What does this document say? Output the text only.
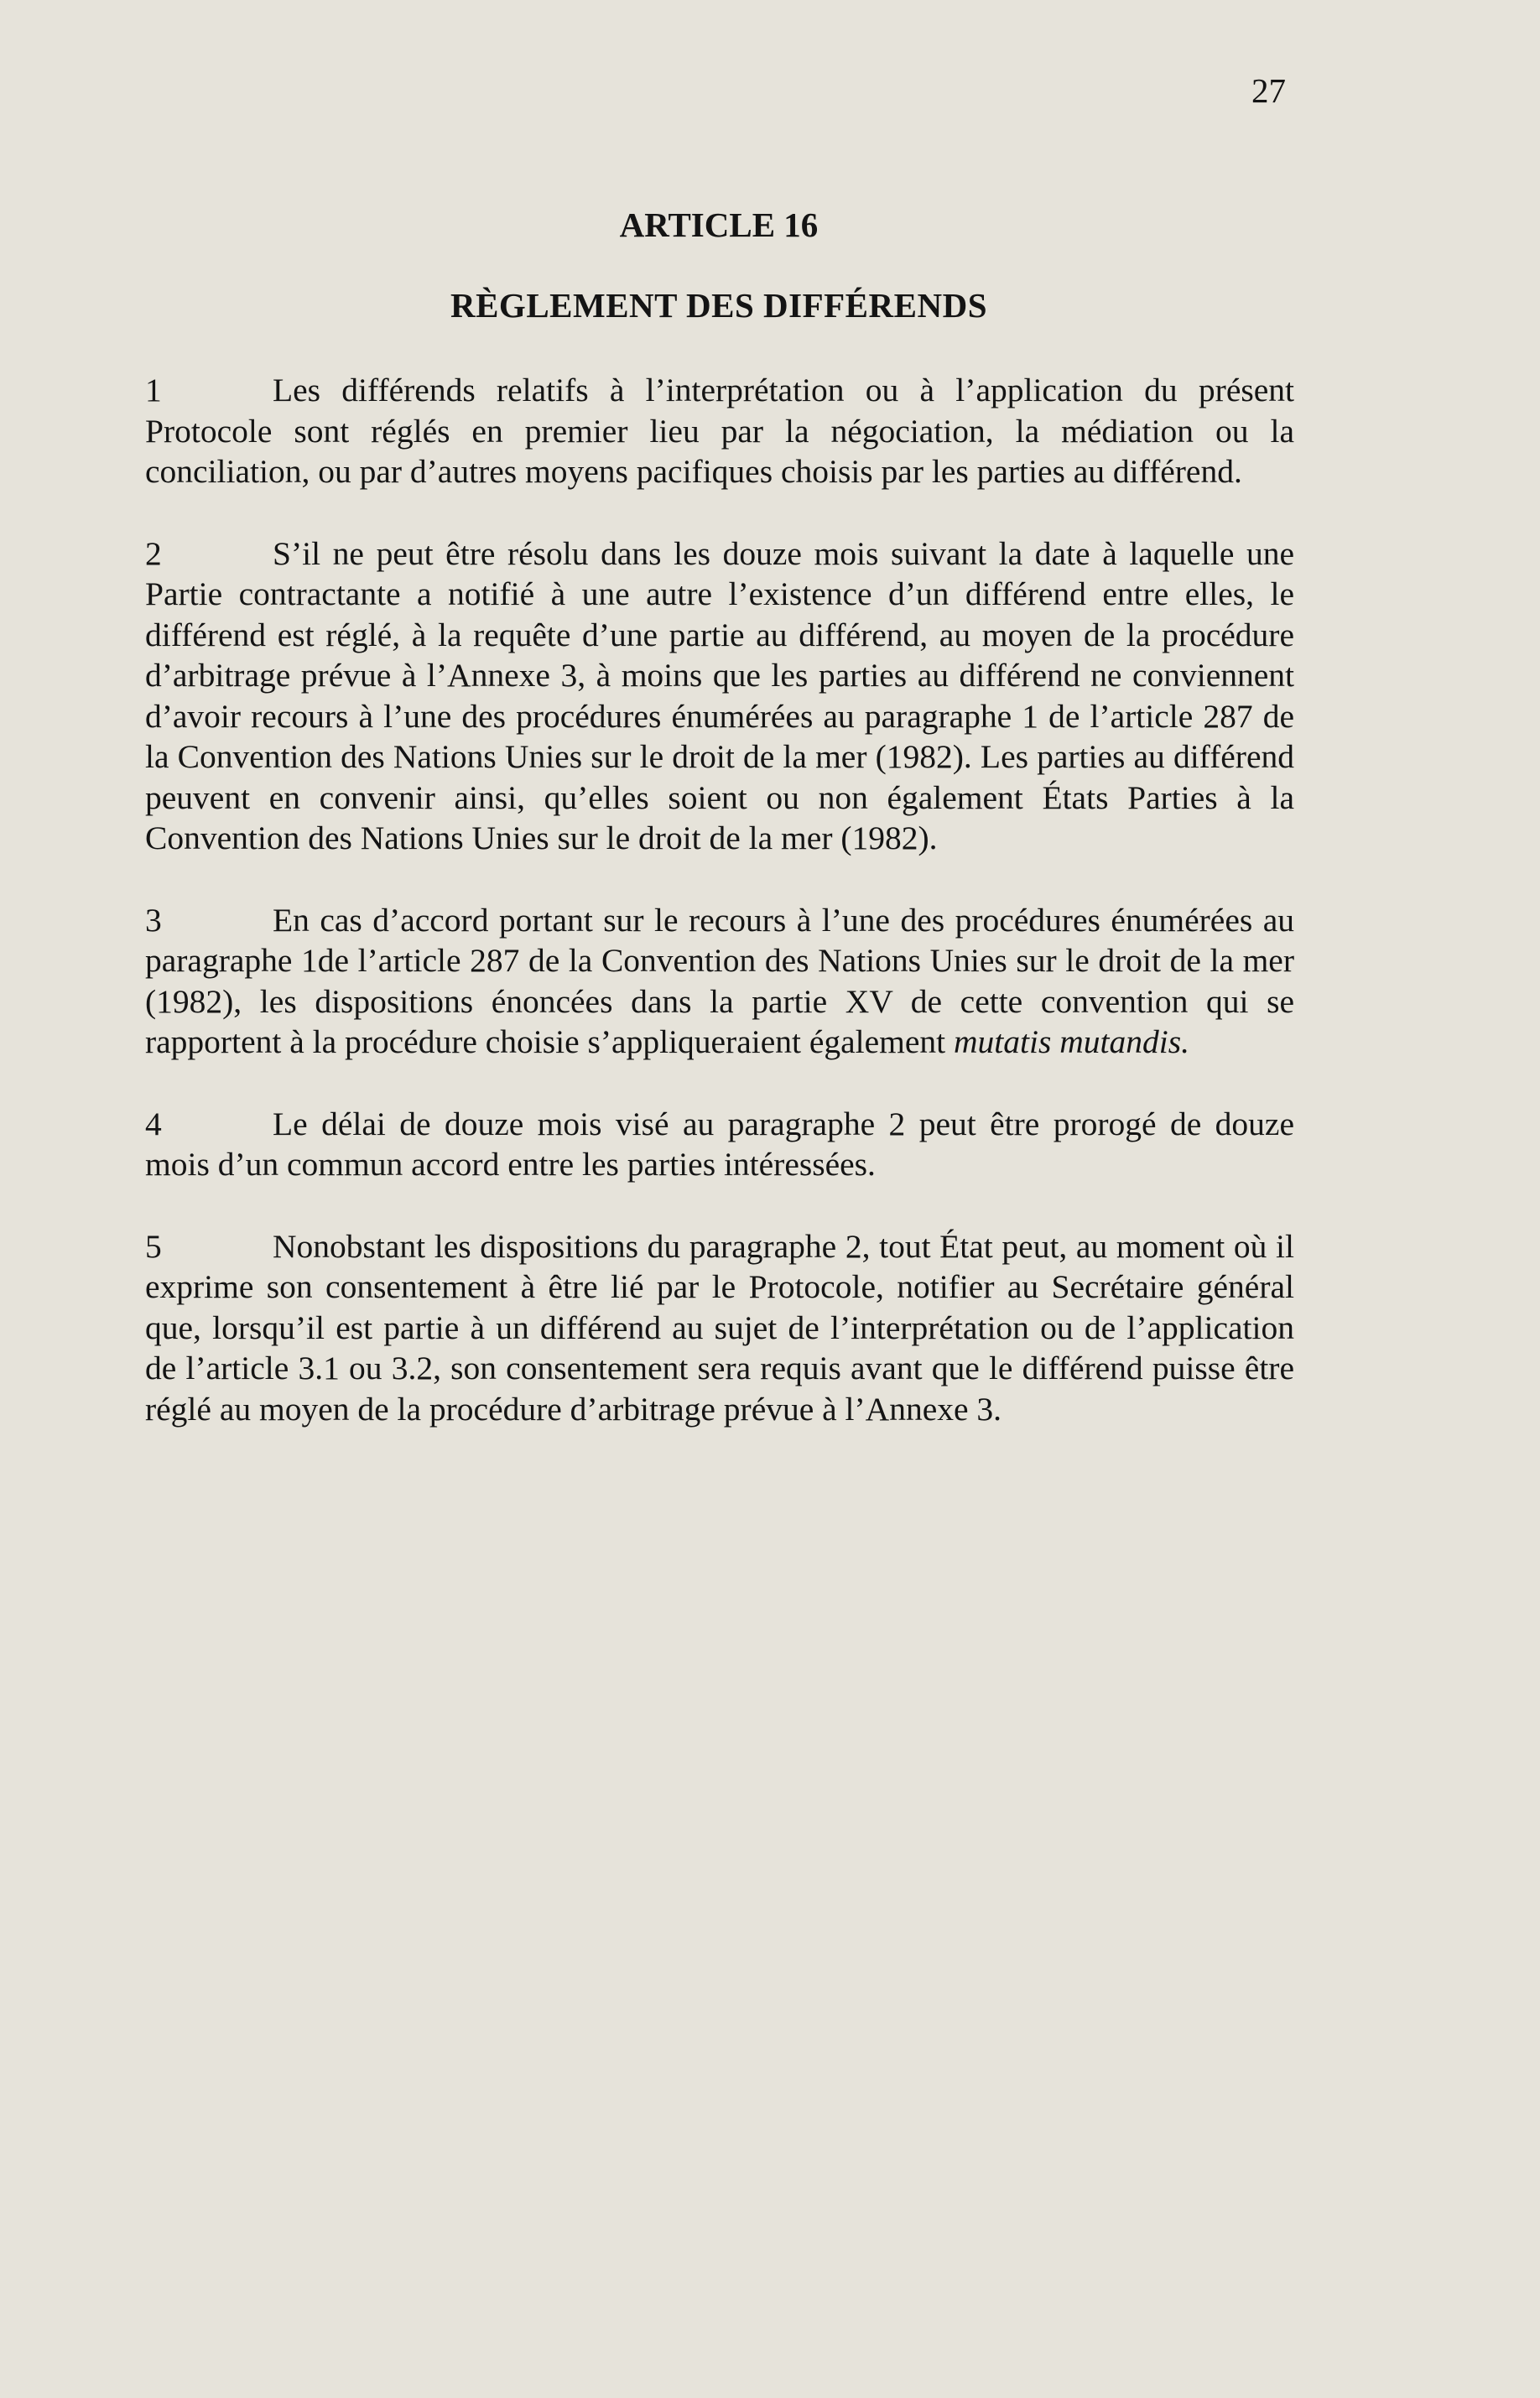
27
ARTICLE 16
RÈGLEMENT DES DIFFÉRENDS

1	Les différends relatifs à l’interprétation ou à l’application du présent Protocole sont réglés en premier lieu par la négociation, la médiation ou la conciliation, ou par d’autres moyens pacifiques choisis par les parties au différend.

2	S’il ne peut être résolu dans les douze mois suivant la date à laquelle une Partie contractante a notifié à une autre l’existence d’un différend entre elles, le différend est réglé, à la requête d’une partie au différend, au moyen de la procédure d’arbitrage prévue à l’Annexe 3, à moins que les parties au différend ne conviennent d’avoir recours à l’une des procédures énumérées au paragraphe 1 de l’article 287 de la Convention des Nations Unies sur le droit de la mer (1982). Les parties au différend peuvent en convenir ainsi, qu’elles soient ou non également États Parties à la Convention des Nations Unies sur le droit de la mer (1982).

3	En cas d’accord portant sur le recours à l’une des procédures énumérées au paragraphe 1de l’article 287 de la Convention des Nations Unies sur le droit de la mer (1982), les dispositions énoncées dans la partie XV de cette convention qui se rapportent à la procédure choisie s’appliqueraient également mutatis mutandis.

4	Le délai de douze mois visé au paragraphe 2 peut être prorogé de douze mois d’un commun accord entre les parties intéressées.

5	Nonobstant les dispositions du paragraphe 2, tout État peut, au moment où il exprime son consentement à être lié par le Protocole, notifier au Secrétaire général que, lorsqu’il est partie à un différend au sujet de l’interprétation ou de l’application de l’article 3.1 ou 3.2, son consentement sera requis avant que le différend puisse être réglé au moyen de la procédure d’arbitrage prévue à l’Annexe 3.
